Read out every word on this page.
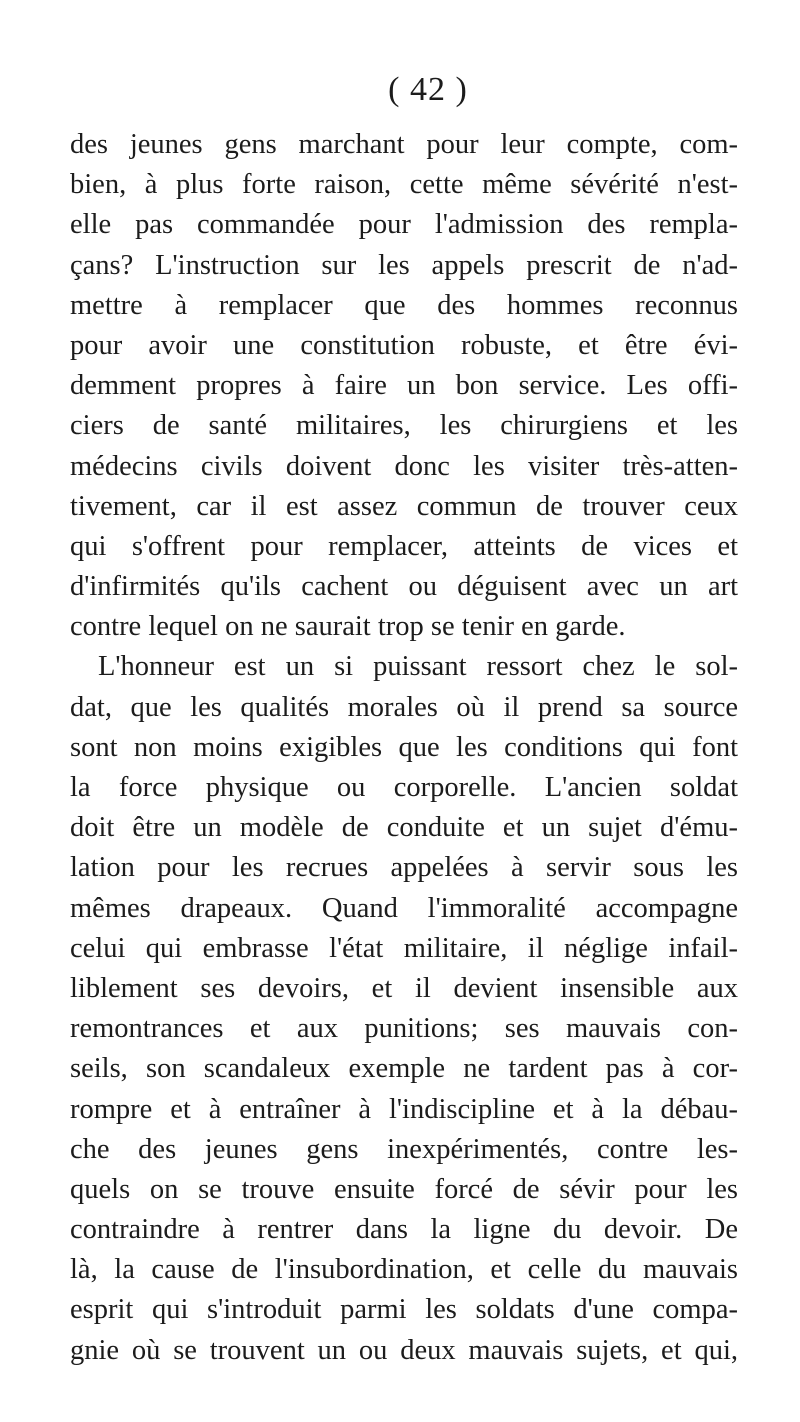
( 42 )
des jeunes gens marchant pour leur compte, com-
bien, à plus forte raison, cette même sévérité n'est-
elle pas commandée pour l'admission des rempla-
çans? L'instruction sur les appels prescrit de n'ad-
mettre à remplacer que des hommes reconnus
pour avoir une constitution robuste, et être évi-
demment propres à faire un bon service. Les offi-
ciers de santé militaires, les chirurgiens et les
médecins civils doivent donc les visiter très-atten-
tivement, car il est assez commun de trouver ceux
qui s'offrent pour remplacer, atteints de vices et
d'infirmités qu'ils cachent ou déguisent avec un art
contre lequel on ne saurait trop se tenir en garde.
L'honneur est un si puissant ressort chez le sol-
dat, que les qualités morales où il prend sa source
sont non moins exigibles que les conditions qui font
la force physique ou corporelle. L'ancien soldat
doit être un modèle de conduite et un sujet d'ému-
lation pour les recrues appelées à servir sous les
mêmes drapeaux. Quand l'immoralité accompagne
celui qui embrasse l'état militaire, il néglige infail-
liblement ses devoirs, et il devient insensible aux
remontrances et aux punitions; ses mauvais con-
seils, son scandaleux exemple ne tardent pas à cor-
rompre et à entraîner à l'indiscipline et à la débau-
che des jeunes gens inexpérimentés, contre les-
quels on se trouve ensuite forcé de sévir pour les
contraindre à rentrer dans la ligne du devoir. De
là, la cause de l'insubordination, et celle du mauvais
esprit qui s'introduit parmi les soldats d'une compa-
gnie où se trouvent un ou deux mauvais sujets, et qui,
